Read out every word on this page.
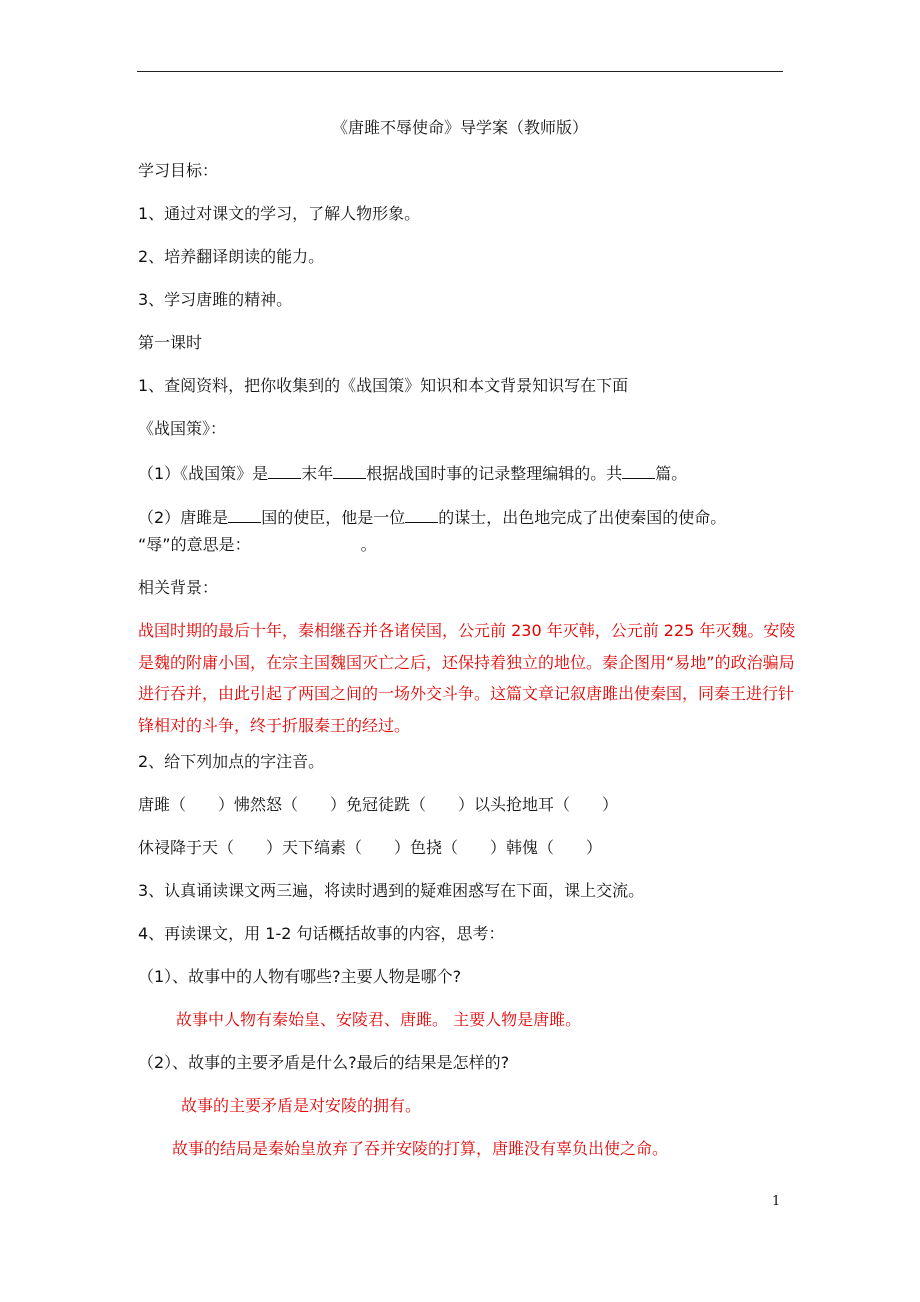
《唐雎不辱使命》导学案（教师版）
学习目标：
1、通过对课文的学习，了解人物形象。
2、培养翻译朗读的能力。
3、学习唐雎的精神。
第一课时
1、查阅资料，把你收集到的《战国策》知识和本文背景知识写在下面
《战国策》：
（1）《战国策》是 末年 根据战国时事的记录整理编辑的。共 篇。
（2）唐雎是 国的使臣，他是一位 的谋士，出色地完成了出使秦国的使命。
“辱”的意思是：	。
相关背景：
战国时期的最后十年，秦相继吞并各诸侯国，公元前 230 年灭韩，公元前 225 年灭魏。安陵是魏的附庸小国，在宗主国魏国灭亡之后，还保持着独立的地位。秦企图用“易地”的政治骗局进行吞并，由此引起了两国之间的一场外交斗争。这篇文章记叙唐雎出使秦国，同秦王进行针锋相对的斗争，终于折服秦王的经过。
2、给下列加点的字注音。
唐雎（　　）怫然怒（　　）免冠徒跣（　　）以头抢地耳（　　）
休祲降于天（　　）天下缟素（　　）色挠（　　）韩傀（　　）
3、认真诵读课文两三遍，将读时遇到的疑难困惑写在下面，课上交流。
4、再读课文，用 1-2 句话概括故事的内容，思考：
（1）、故事中的人物有哪些?主要人物是哪个?
故事中人物有秦始皇、安陵君、唐雎。 主要人物是唐雎。
（2）、故事的主要矛盾是什么?最后的结果是怎样的?
故事的主要矛盾是对安陵的拥有。
故事的结局是秦始皇放弃了吞并安陵的打算，唐雎没有辜负出使之命。
1
